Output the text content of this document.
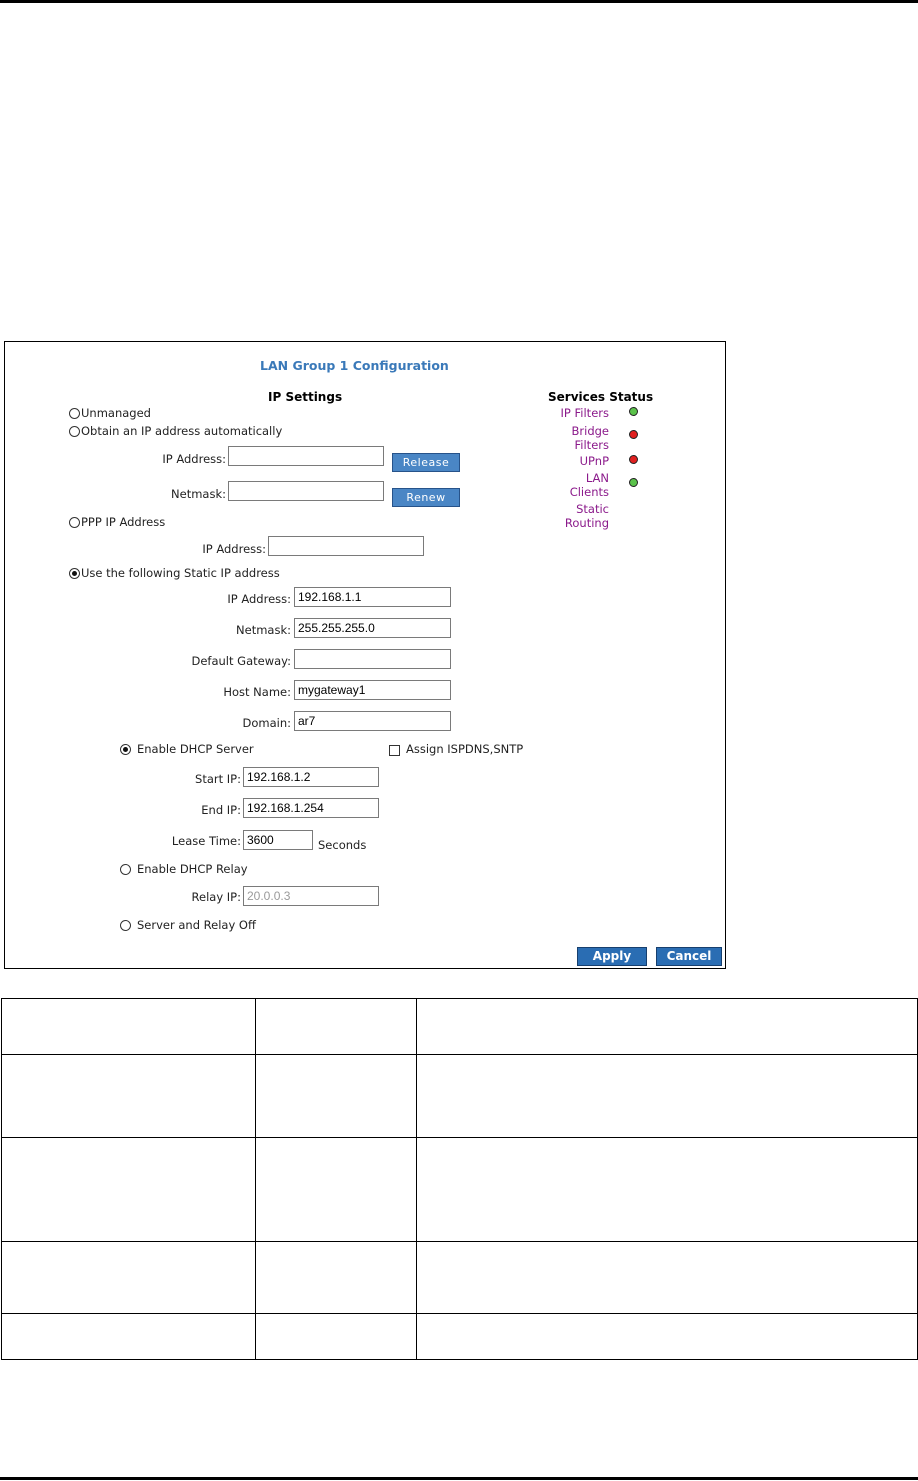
LAN Group 1 Configuration
IP Settings	Services Status
Unmanaged
Obtain an IP address automatically
IP Address:	Release
Netmask:	Renew
PPP IP Address
IP Address:
Use the following Static IP address
IP Address: 192.168.1.1
Netmask: 255.255.255.0
Default Gateway:
Host Name: mygateway1
Domain: ar7
Enable DHCP Server	Assign ISPDNS,SNTP
Start IP: 192.168.1.2
End IP: 192.168.1.254
Lease Time: 3600	Seconds
Enable DHCP Relay
Relay IP: 20.0.0.3
Server and Relay Off
IP Filters
Bridge
Filters
UPnP
LAN
Clients
Static
Routing
Apply	Cancel
